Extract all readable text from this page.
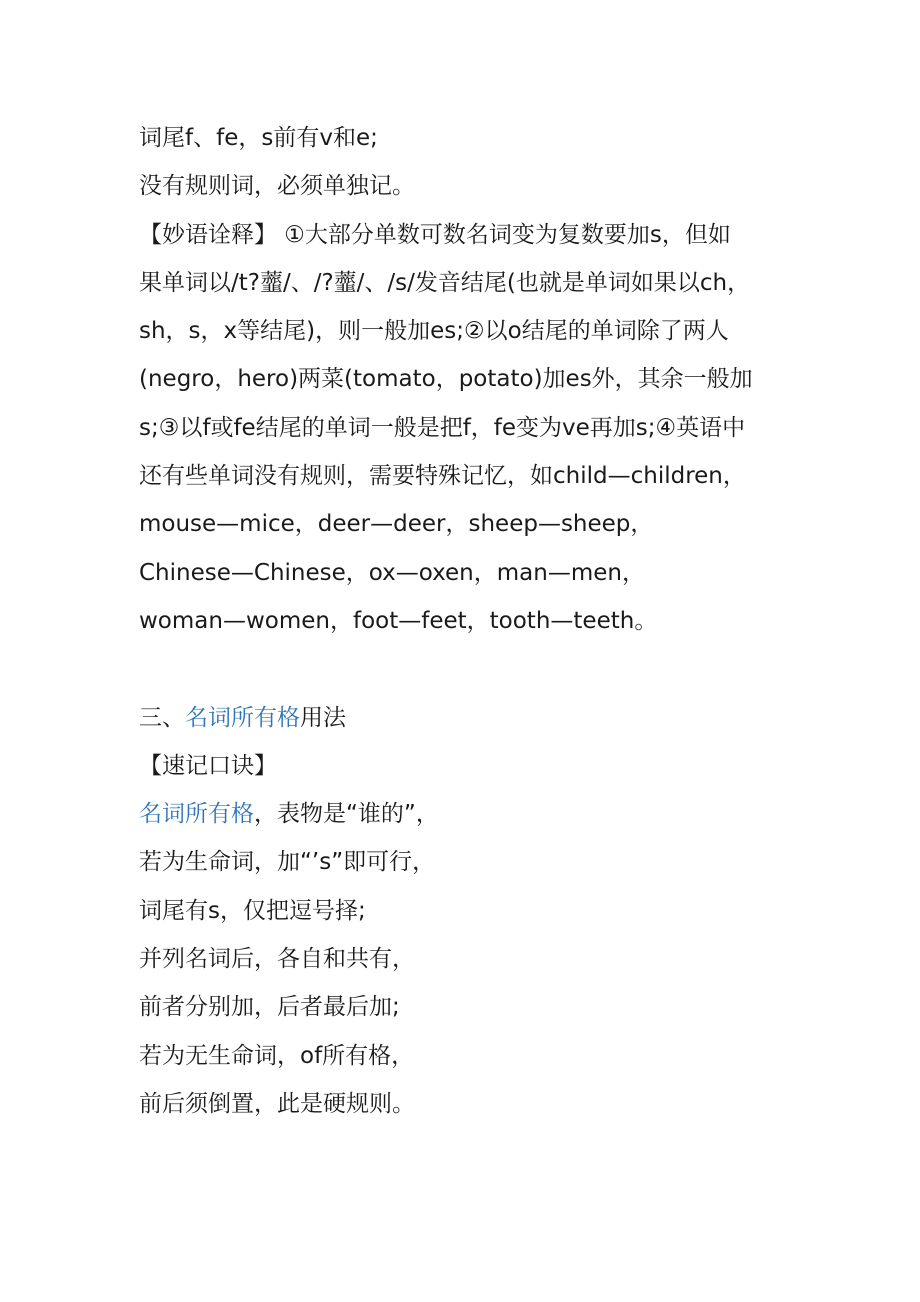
词尾f、fe，s前有v和e;
没有规则词，必须单独记。
【妙语诠释】 ①大部分单数可数名词变为复数要加s，但如
果单词以/t?虀/、/?虀/、/s/发音结尾(也就是单词如果以ch，
sh，s，x等结尾)，则一般加es;②以o结尾的单词除了两人
(negro，hero)两菜(tomato，potato)加es外，其余一般加
s;③以f或fe结尾的单词一般是把f，fe变为ve再加s;④英语中
还有些单词没有规则，需要特殊记忆，如child—children，
mouse—mice，deer—deer，sheep—sheep，
Chinese—Chinese，ox—oxen，man—men，
woman—women，foot—feet，tooth—teeth。
三、名词所有格用法
【速记口诀】
名词所有格，表物是“谁的”，
若为生命词，加“’s”即可行，
词尾有s，仅把逗号择;
并列名词后，各自和共有，
前者分别加，后者最后加;
若为无生命词，of所有格，
前后须倒置，此是硬规则。
